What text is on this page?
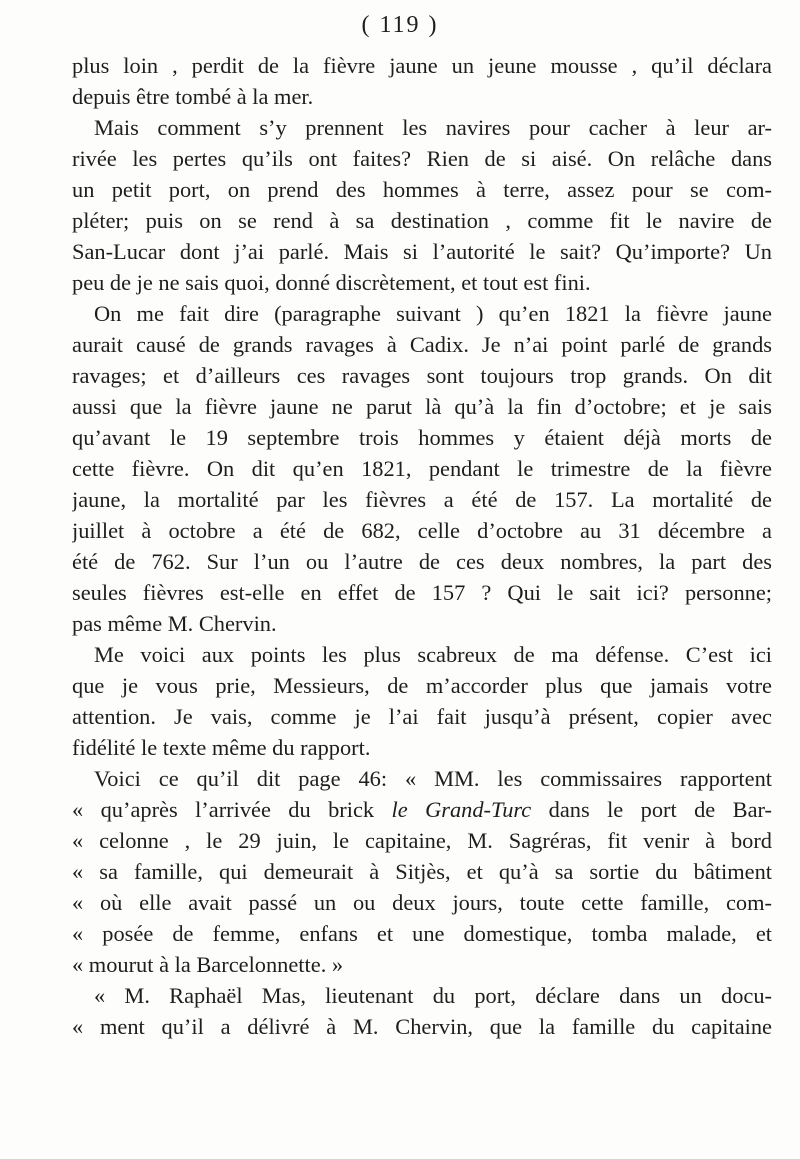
( 119 )
plus loin , perdit de la fièvre jaune un jeune mousse , qu’il déclara
depuis être tombé à la mer.
Mais comment s’y prennent les navires pour cacher à leur ar-
rivée les pertes qu’ils ont faites? Rien de si aisé. On relâche dans
un petit port, on prend des hommes à terre, assez pour se com-
pléter; puis on se rend à sa destination , comme fit le navire de
San-Lucar dont j’ai parlé. Mais si l’autorité le sait? Qu’importe? Un
peu de je ne sais quoi, donné discrètement, et tout est fini.
On me fait dire (paragraphe suivant ) qu’en 1821 la fièvre jaune
aurait causé de grands ravages à Cadix. Je n’ai point parlé de grands
ravages; et d’ailleurs ces ravages sont toujours trop grands. On dit
aussi que la fièvre jaune ne parut là qu’à la fin d’octobre; et je sais
qu’avant le 19 septembre trois hommes y étaient déjà morts de
cette fièvre. On dit qu’en 1821, pendant le trimestre de la fièvre
jaune, la mortalité par les fièvres a été de 157. La mortalité de
juillet à octobre a été de 682, celle d’octobre au 31 décembre a
été de 762. Sur l’un ou l’autre de ces deux nombres, la part des
seules fièvres est-elle en effet de 157 ? Qui le sait ici? personne;
pas même M. Chervin.
Me voici aux points les plus scabreux de ma défense. C’est ici
que je vous prie, Messieurs, de m’accorder plus que jamais votre
attention. Je vais, comme je l’ai fait jusqu’à présent, copier avec
fidélité le texte même du rapport.
Voici ce qu’il dit page 46: « MM. les commissaires rapportent
« qu’après l’arrivée du brick le Grand-Turc dans le port de Bar-
« celonne , le 29 juin, le capitaine, M. Sagréras, fit venir à bord
« sa famille, qui demeurait à Sitjès, et qu’à sa sortie du bâtiment
« où elle avait passé un ou deux jours, toute cette famille, com-
« posée de femme, enfans et une domestique, tomba malade, et
« mourut à la Barcelonnette. »
« M. Raphaël Mas, lieutenant du port, déclare dans un docu-
« ment qu’il a délivré à M. Chervin, que la famille du capitaine
